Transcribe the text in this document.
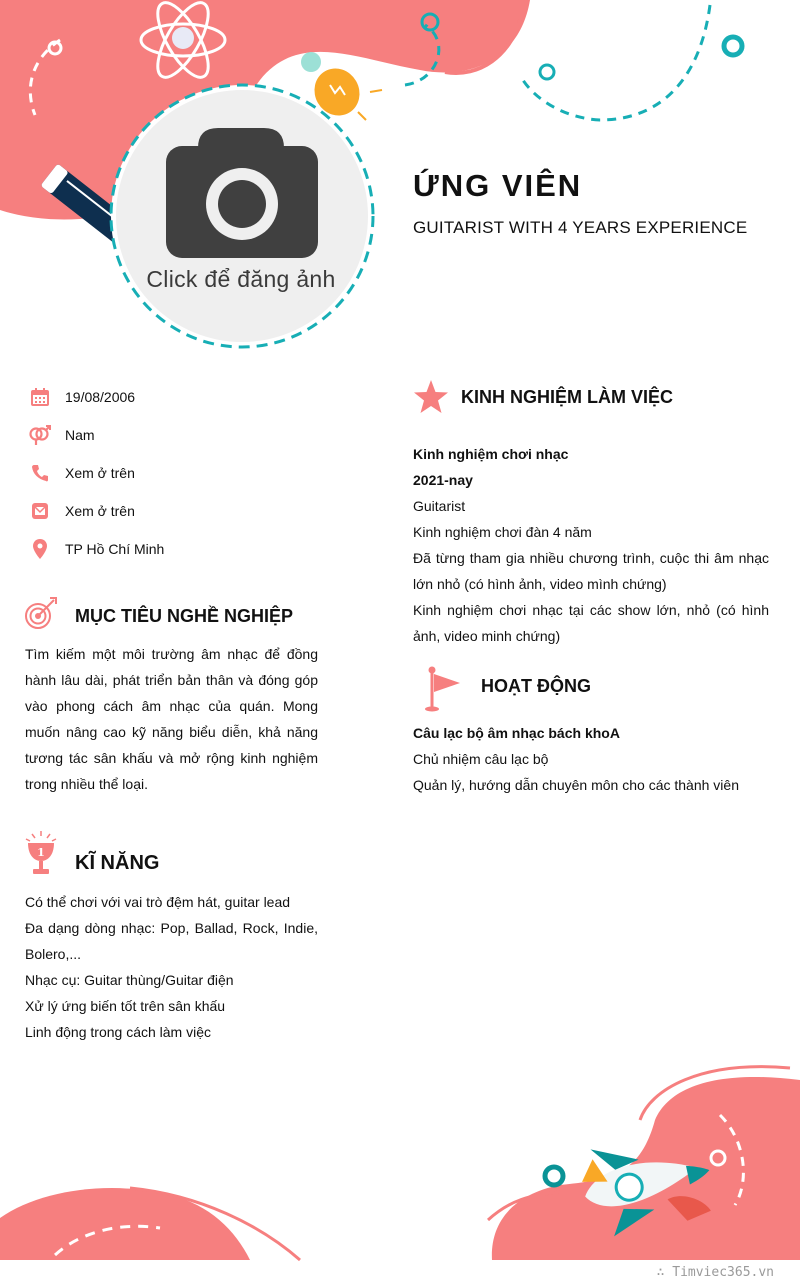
Click để đăng ảnh
ỨNG VIÊN
GUITARIST WITH 4 YEARS EXPERIENCE
19/08/2006
Nam
Xem ở trên
Xem ở trên
TP Hồ Chí Minh
MỤC TIÊU NGHỀ NGHIỆP
Tìm kiếm một môi trường âm nhạc để đồng hành lâu dài, phát triển bản thân và đóng góp vào phong cách âm nhạc của quán. Mong muốn nâng cao kỹ năng biểu diễn, khả năng tương tác sân khấu và mở rộng kinh nghiệm trong nhiều thể loại.
1 KĨ NĂNG
Có thể chơi với vai trò đệm hát, guitar lead
Đa dạng dòng nhạc: Pop, Ballad, Rock, Indie, Bolero,...
Nhạc cụ: Guitar thùng/Guitar điện
Xử lý ứng biến tốt trên sân khấu
Linh động trong cách làm việc
KINH NGHIỆM LÀM VIỆC
Kinh nghiệm chơi nhạc
2021-nay
Guitarist
Kinh nghiệm chơi đàn 4 năm
Đã từng tham gia nhiều chương trình, cuộc thi âm nhạc lớn nhỏ (có hình ảnh, video mình chứng)
Kinh nghiệm chơi nhạc tại các show lớn, nhỏ (có hình ảnh, video minh chứng)
HOẠT ĐỘNG
Câu lạc bộ âm nhạc bách khoA
Chủ nhiệm câu lạc bộ
Quản lý, hướng dẫn chuyên môn cho các thành viên
∴ Timviec365.vn
